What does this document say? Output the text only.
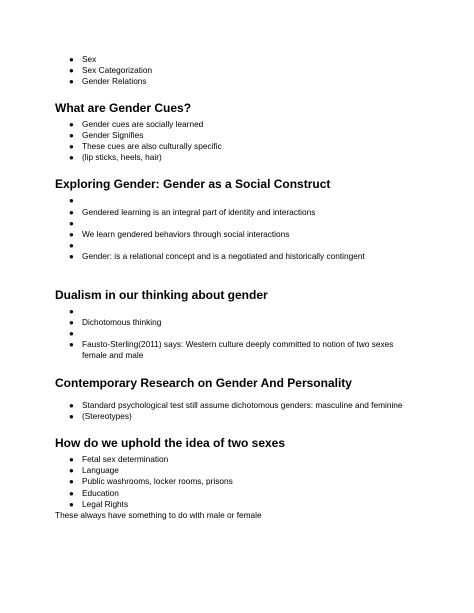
● Sex
● Sex Categorization
● Gender Relations
What are Gender Cues?
● Gender cues are socially learned
● Gender Signifies
● These cues are also culturally specific
● (lip sticks, heels, hair)
Exploring Gender: Gender as a Social Construct
●
● Gendered learning is an integral part of identity and interactions
●
● We learn gendered behaviors through social interactions
●
● Gender: is a relational concept and is a negotiated and historically contingent
Dualism in our thinking about gender
●
● Dichotomous thinking
●
● Fausto-Sterling(2011) says: Western culture deeply committed to notion of two sexes
female and male
Contemporary Research on Gender And Personality
● Standard psychological test still assume dichotomous genders: masculine and feminine
● (Stereotypes)
How do we uphold the idea of two sexes
● Fetal sex determination
● Language
● Public washrooms, locker rooms, prisons
● Education
● Legal Rights
These always have something to do with male or female
